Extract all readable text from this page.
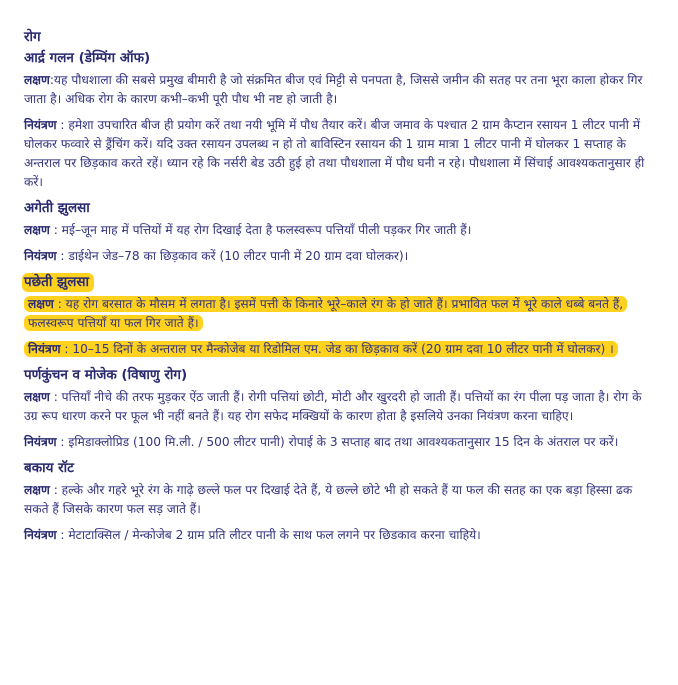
रोग
आर्द्र गलन (डेम्पिंग ऑफ)

लक्षण:यह पौधशाला की सबसे प्रमुख बीमारी है जो संक्रमित बीज एवं मिट्टी से पनपता है, जिससे जमीन की सतह पर तना भूरा काला होकर गिर जाता है। अधिक रोग के कारण कभी–कभी पूरी पौध भी नष्ट हो जाती है।

नियंत्रण : हमेशा उपचारित बीज ही प्रयोग करें तथा नयी भूमि में पौध तैयार करें। बीज जमाव के पश्चात 2 ग्राम कैप्टान रसायन 1 लीटर पानी में घोलकर फव्वारे से ड्रैंचिंग करें। यदि उक्त रसायन उपलब्ध न हो तो बाविस्टिन रसायन की 1 ग्राम मात्रा 1 लीटर पानी में घोलकर 1 सप्ताह के अन्तराल पर छिड़काव करते रहें। ध्यान रहे कि नर्सरी बेड उठी हुई हो तथा पौधशाला में पौध घनी न रहे। पौधशाला में सिंचाई आवश्यकतानुसार ही करें।

अगेती झुलसा

लक्षण : मई–जून माह में पत्तियों में यह रोग दिखाई देता है फलस्वरूप पत्तियाँ पीली पड़कर गिर जाती हैं।

नियंत्रण : डाईथेन जेड–78 का छिड़काव करें (10 लीटर पानी में 20 ग्राम दवा घोलकर)।

पछेती झुलसा

लक्षण : यह रोग बरसात के मौसम में लगता है। इसमें पत्ती के किनारे भूरे–काले रंग के हो जाते हैं। प्रभावित फल में भूरे काले धब्बे बनते हैं, फलस्वरूप पत्तियाँ या फल गिर जाते हैं।

नियंत्रण : 10–15 दिनों के अन्तराल पर मैन्कोजेब या रिडोमिल एम. जेड का छिड़काव करें (20 ग्राम दवा 10 लीटर पानी में घोलकर) ।

पर्णकुंचन व मोजेक (विषाणु रोग)

लक्षण : पत्तियाँ नीचे की तरफ मुड़कर ऐंठ जाती हैं। रोगी पत्तियां छोटी, मोटी और खुरदरी हो जाती हैं। पत्तियों का रंग पीला पड़ जाता है। रोग के उग्र रूप धारण करने पर फूल भी नहीं बनते हैं। यह रोग सफेद मक्खियों के कारण होता है इसलिये उनका नियंत्रण करना चाहिए।

नियंत्रण : इमिडाक्लोप्रिड (100 मि.ली. / 500 लीटर पानी) रोपाई के 3 सप्ताह बाद तथा आवश्यकतानुसार 15 दिन के अंतराल पर करें।

बकाय रॉट

लक्षण : हल्के और गहरे भूरे रंग के गाढ़े छल्ले फल पर दिखाई देते हैं, ये छल्ले छोटे भी हो सकते हैं या फल की सतह का एक बड़ा हिस्सा ढक सकते हैं जिसके कारण फल सड़ जाते हैं।

नियंत्रण : मेटाटाक्सिल / मेन्कोजेब 2 ग्राम प्रति लीटर पानी के साथ फल लगने पर छिडकाव करना चाहिये।
